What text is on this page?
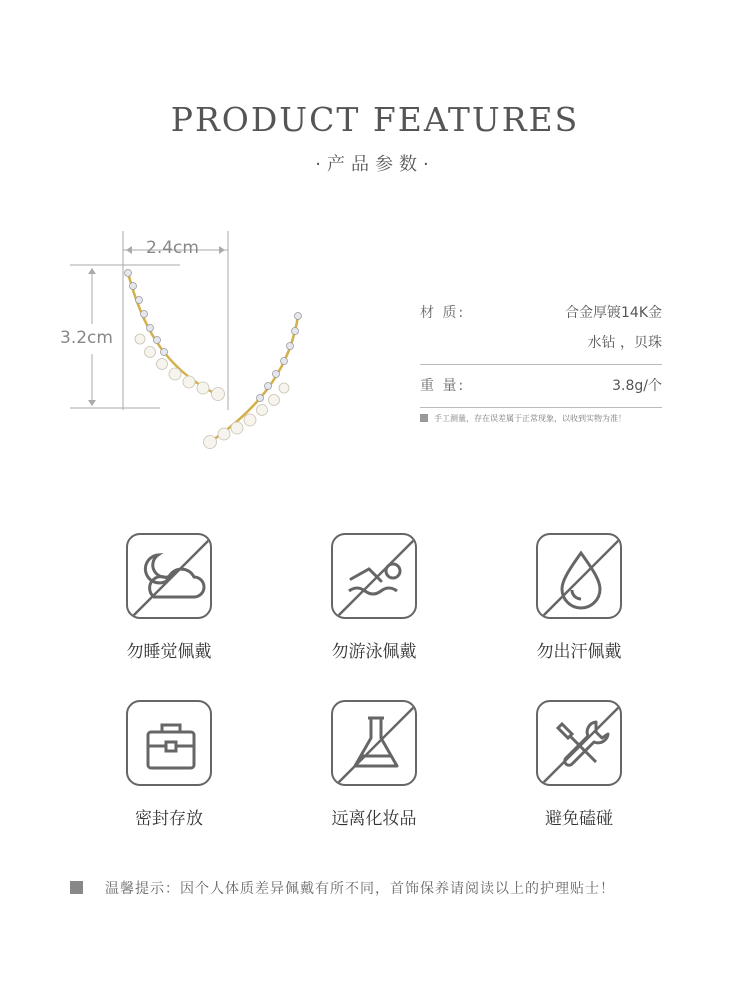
PRODUCT FEATURES
·产品参数·
2.4cm
3.2cm
材 质:	合金厚镀14K金
水钻 ，贝珠
重 量:	3.8g/个
手工测量，存在误差属于正常现象，以收到实物为准！
勿睡觉佩戴	勿游泳佩戴	勿出汗佩戴
密封存放	远离化妆品	避免磕碰
温馨提示：因个人体质差异佩戴有所不同，首饰保养请阅读以上的护理贴士！
